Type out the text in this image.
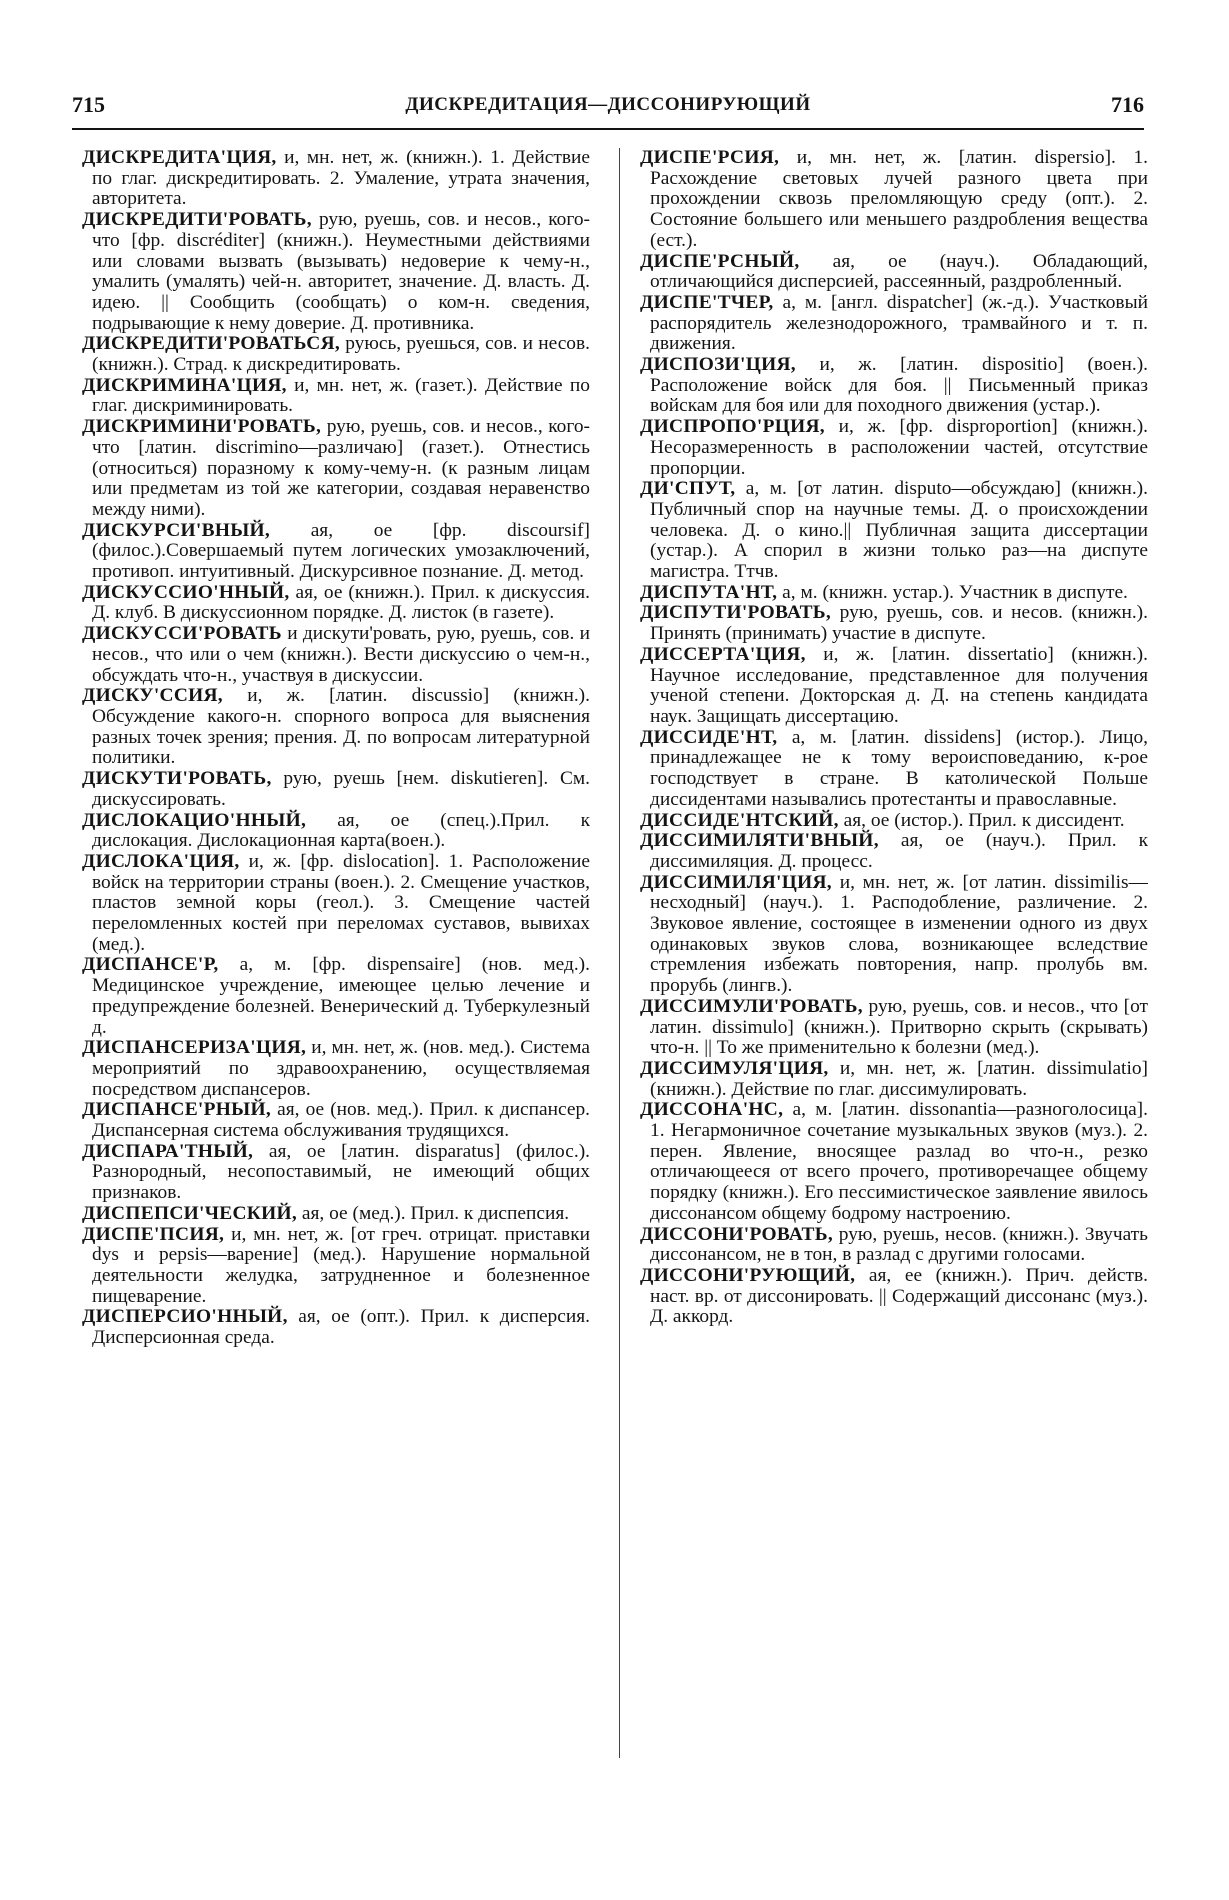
715	ДИСКРЕДИТАЦИЯ—ДИССОНИРУЮЩИЙ	716

ДИСКРЕДИТА'ЦИЯ, и, мн. нет, ж. (книжн.). 1. Действие по глаг. дискредитировать. 2. Умаление, утрата значения, авторитета.

ДИСКРЕДИТИ'РОВАТЬ, рую, руешь, сов. и несов., кого-что [фр. discréditer] (книжн.). Неуместными действиями или словами вызвать (вызывать) недоверие к чему-н., умалить (умалять) чей-н. авторитет, значение. Д. власть. Д. идею. || Сообщить (сообщать) о ком-н. сведения, подрывающие к нему доверие. Д. противника.

ДИСКРЕДИТИ'РОВАТЬСЯ, руюсь, руешься, сов. и несов. (книжн.). Страд. к дискредитировать.

ДИСКРИМИНА'ЦИЯ, и, мн. нет, ж. (газет.). Действие по глаг. дискриминировать.

ДИСКРИМИНИ'РОВАТЬ, рую, руешь, сов. и несов., кого-что [латин. discrimino—различаю] (газет.). Отнестись (относиться) поразному к кому-чему-н. (к разным лицам или предметам из той же категории, создавая неравенство между ними).

ДИСКУРСИ'ВНЫЙ, ая, ое [фр. discoursif] (филос.).Совершаемый путем логических умозаключений, противоп. интуитивный. Дискурсивное познание. Д. метод.

ДИСКУССИО'ННЫЙ, ая, ое (книжн.). Прил. к дискуссия. Д. клуб. В дискуссионном порядке. Д. листок (в газете).

ДИСКУССИ'РОВАТЬ и дискути'ровать, рую, руешь, сов. и несов., что или о чем (книжн.). Вести дискуссию о чем-н., обсуждать что-н., участвуя в дискуссии.

ДИСКУ'ССИЯ, и, ж. [латин. discussio] (книжн.). Обсуждение какого-н. спорного вопроса для выяснения разных точек зрения; прения. Д. по вопросам литературной политики.

ДИСКУТИ'РОВАТЬ, рую, руешь [нем. diskutieren]. См. дискуссировать.

ДИСЛОКАЦИО'ННЫЙ, ая, ое (спец.).Прил. к дислокация. Дислокационная карта(воен.).

ДИСЛОКА'ЦИЯ, и, ж. [фр. dislocation]. 1. Расположение войск на территории страны (воен.). 2. Смещение участков, пластов земной коры (геол.). 3. Смещение частей переломленных костей при переломах суставов, вывихах (мед.).

ДИСПАНСЕ'Р, а, м. [фр. dispensaire] (нов. мед.). Медицинское учреждение, имеющее целью лечение и предупреждение болезней. Венерический д. Туберкулезный д.

ДИСПАНСЕРИЗА'ЦИЯ, и, мн. нет, ж. (нов. мед.). Система мероприятий по здравоохранению, осуществляемая посредством диспансеров.

ДИСПАНСЕ'РНЫЙ, ая, ое (нов. мед.). Прил. к диспансер. Диспансерная система обслуживания трудящихся.

ДИСПАРА'ТНЫЙ, ая, ое [латин. disparatus] (филос.). Разнородный, несопоставимый, не имеющий общих признаков.

ДИСПЕПСИ'ЧЕСКИЙ, ая, ое (мед.). Прил. к диспепсия.

ДИСПЕ'ПСИЯ, и, мн. нет, ж. [от греч. отрицат. приставки dys и pepsis—варение] (мед.). Нарушение нормальной деятельности желудка, затрудненное и болезненное пищеварение.

ДИСПЕРСИО'ННЫЙ, ая, ое (опт.). Прил. к дисперсия. Дисперсионная среда.

ДИСПЕ'РСИЯ, и, мн. нет, ж. [латин. dispersio]. 1. Расхождение световых лучей разного цвета при прохождении сквозь преломляющую среду (опт.). 2. Состояние большего или меньшего раздробления вещества (ест.).

ДИСПЕ'РСНЫЙ, ая, ое (науч.). Обладающий, отличающийся дисперсией, рассеянный, раздробленный.

ДИСПЕ'ТЧЕР, а, м. [англ. dispatcher] (ж.-д.). Участковый распорядитель железнодорожного, трамвайного и т. п. движения.

ДИСПОЗИ'ЦИЯ, и, ж. [латин. dispositio] (воен.). Расположение войск для боя. || Письменный приказ войскам для боя или для походного движения (устар.).

ДИСПРОПО'РЦИЯ, и, ж. [фр. disproportion] (книжн.). Несоразмеренность в расположении частей, отсутствие пропорции.

ДИ'СПУТ, а, м. [от латин. disputo—обсуждаю] (книжн.). Публичный спор на научные темы. Д. о происхождении человека. Д. о кино.|| Публичная защита диссертации (устар.). А спорил в жизни только раз—на диспуте магистра. Ттчв.

ДИСПУТА'НТ, а, м. (книжн. устар.). Участник в диспуте.

ДИСПУТИ'РОВАТЬ, рую, руешь, сов. и несов. (книжн.). Принять (принимать) участие в диспуте.

ДИССЕРТА'ЦИЯ, и, ж. [латин. dissertatio] (книжн.). Научное исследование, представленное для получения ученой степени. Докторская д. Д. на степень кандидата наук. Защищать диссертацию.

ДИССИДЕ'НТ, а, м. [латин. dissidens] (истор.). Лицо, принадлежащее не к тому вероисповеданию, к-рое господствует в стране. В католической Польше диссидентами назывались протестанты и православные.

ДИССИДЕ'НТСКИЙ, ая, ое (истор.). Прил. к диссидент.

ДИССИМИЛЯТИ'ВНЫЙ, ая, ое (науч.). Прил. к диссимиляция. Д. процесс.

ДИССИМИЛЯ'ЦИЯ, и, мн. нет, ж. [от латин. dissimilis—несходный] (науч.). 1. Расподобление, различение. 2. Звуковое явление, состоящее в изменении одного из двух одинаковых звуков слова, возникающее вследствие стремления избежать повторения, напр. пролубь вм. прорубь (лингв.).

ДИССИМУЛИ'РОВАТЬ, рую, руешь, сов. и несов., что [от латин. dissimulo] (книжн.). Притворно скрыть (скрывать) что-н. || То же применительно к болезни (мед.).

ДИССИМУЛЯ'ЦИЯ, и, мн. нет, ж. [латин. dissimulatio] (книжн.). Действие по глаг. диссимулировать.

ДИССОНА'НС, а, м. [латин. dissonantia—разноголосица]. 1. Негармоничное сочетание музыкальных звуков (муз.). 2. перен. Явление, вносящее разлад во что-н., резко отличающееся от всего прочего, противоречащее общему порядку (книжн.). Его пессимистическое заявление явилось диссонансом общему бодрому настроению.

ДИССОНИ'РОВАТЬ, рую, руешь, несов. (книжн.). Звучать диссонансом, не в тон, в разлад с другими голосами.

ДИССОНИ'РУЮЩИЙ, ая, ее (книжн.). Прич. действ. наст. вр. от диссонировать. || Содержащий диссонанс (муз.). Д. аккорд.
